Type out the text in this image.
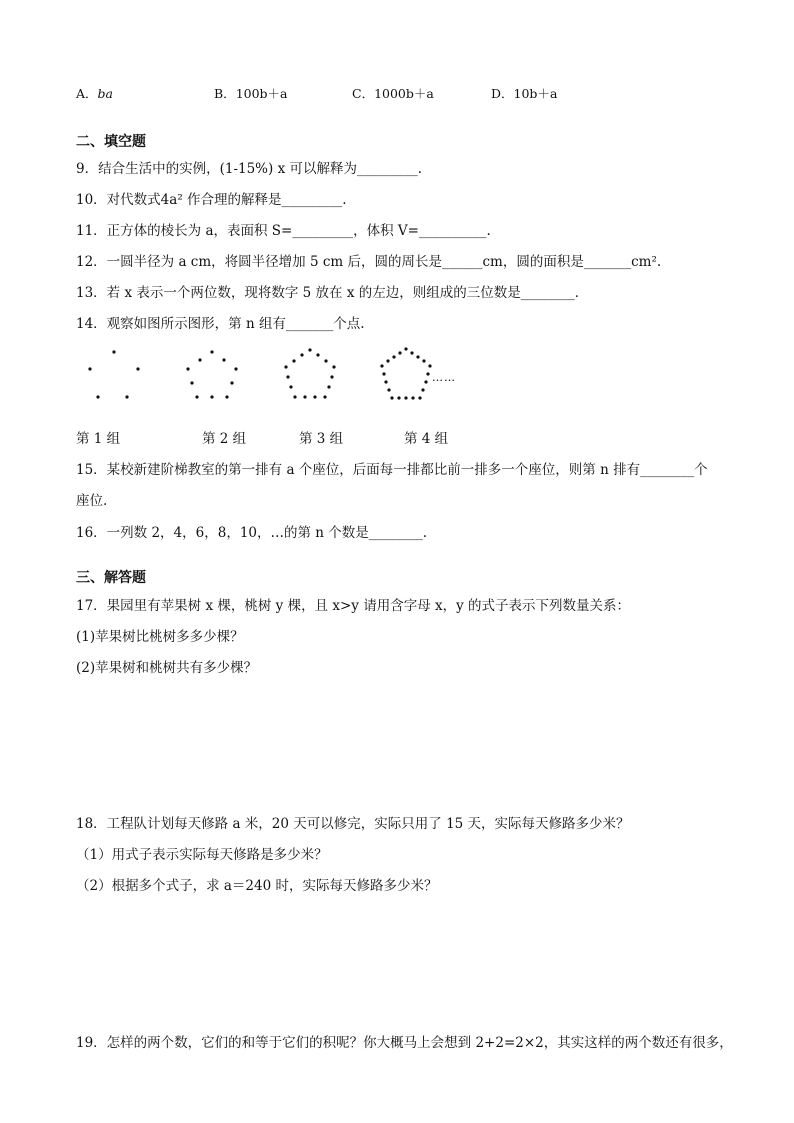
A．ba	B．100b＋a	C．1000b＋a	D．10b＋a
二、填空题
9．结合生活中的实例，(1-15%) x 可以解释为_________.
10．对代数式4a² 作合理的解释是_________.
11．正方体的棱长为 a，表面积 S=_________，体积 V=__________.
12．一圆半径为 a cm，将圆半径增加 5 cm 后，圆的周长是______cm，圆的面积是_______cm².
13．若 x 表示一个两位数，现将数字 5 放在 x 的左边，则组成的三位数是________．
14．观察如图所示图形，第 n 组有_______个点.
……
第 1 组	第 2 组	第 3 组	第 4 组
15．某校新建阶梯教室的第一排有 a 个座位，后面每一排都比前一排多一个座位，则第 n 排有________个
座位.
16．一列数 2，4，6，8，10，…的第 n 个数是________.
三、解答题
17．果园里有苹果树 x 棵，桃树 y 棵，且 x>y 请用含字母 x，y 的式子表示下列数量关系：
(1)苹果树比桃树多多少棵？
(2)苹果树和桃树共有多少棵？
18．工程队计划每天修路 a 米，20 天可以修完，实际只用了 15 天，实际每天修路多少米？
（1）用式子表示实际每天修路是多少米？
（2）根据多个式子，求 a＝240 时，实际每天修路多少米？
19．怎样的两个数，它们的和等于它们的积呢？你大概马上会想到 2+2=2×2，其实这样的两个数还有很多，
